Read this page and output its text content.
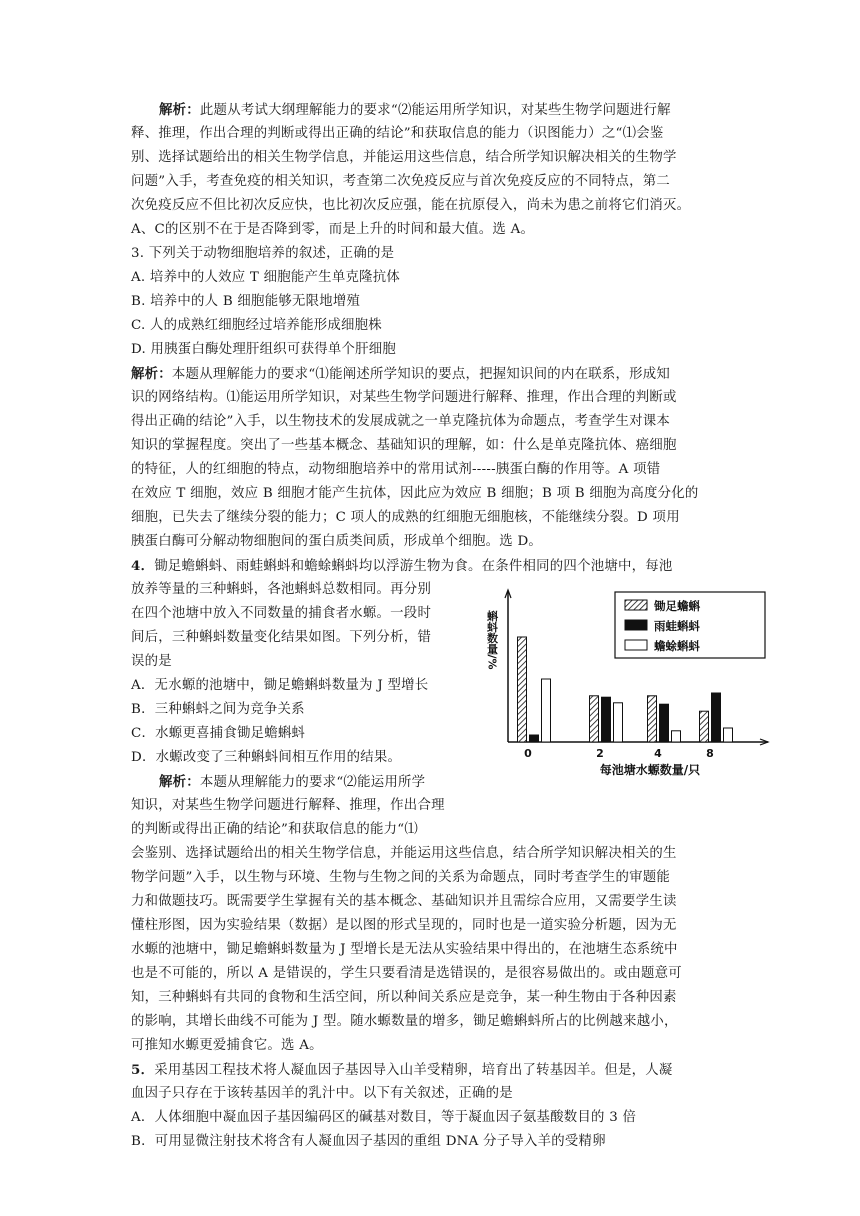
解析：此题从考试大纲理解能力的要求“⑵能运用所学知识，对某些生物学问题进行解
释、推理，作出合理的判断或得出正确的结论”和获取信息的能力（识图能力）之“⑴会鉴
别、选择试题给出的相关生物学信息，并能运用这些信息，结合所学知识解决相关的生物学
问题”入手，考查免疫的相关知识，考查第二次免疫反应与首次免疫反应的不同特点，第二
次免疫反应不但比初次反应快，也比初次反应强，能在抗原侵入，尚未为患之前将它们消灭。
A、C的区别不在于是否降到零，而是上升的时间和最大值。选 A。
3. 下列关于动物细胞培养的叙述，正确的是
A. 培养中的人效应 T 细胞能产生单克隆抗体
B. 培养中的人 B 细胞能够无限地增殖
C. 人的成熟红细胞经过培养能形成细胞株
D. 用胰蛋白酶处理肝组织可获得单个肝细胞
解析：本题从理解能力的要求“⑴能阐述所学知识的要点，把握知识间的内在联系，形成知
识的网络结构。⑴能运用所学知识，对某些生物学问题进行解释、推理，作出合理的判断或
得出正确的结论”入手，以生物技术的发展成就之一单克隆抗体为命题点，考查学生对课本
知识的掌握程度。突出了一些基本概念、基础知识的理解，如：什么是单克隆抗体、癌细胞
的特征，人的红细胞的特点，动物细胞培养中的常用试剂-----胰蛋白酶的作用等。A 项错
在效应 T 细胞，效应 B 细胞才能产生抗体，因此应为效应 B 细胞；B 项 B 细胞为高度分化的
细胞，已失去了继续分裂的能力；C 项人的成熟的红细胞无细胞核，不能继续分裂。D 项用
胰蛋白酶可分解动物细胞间的蛋白质类间质，形成单个细胞。选 D。
4．锄足蟾蝌蚪、雨蛙蝌蚪和蟾蜍蝌蚪均以浮游生物为食。在条件相同的四个池塘中，每池
放养等量的三种蝌蚪，各池蝌蚪总数相同。再分别
在四个池塘中放入不同数量的捕食者水螈。一段时
间后，三种蝌蚪数量变化结果如图。下列分析，错
误的是
A．无水螈的池塘中，锄足蟾蝌蚪数量为 J 型增长
B．三种蝌蚪之间为竞争关系
C．水螈更喜捕食锄足蟾蝌蚪
D．水螈改变了三种蝌蚪间相互作用的结果。
解析：本题从理解能力的要求“⑵能运用所学
知识，对某些生物学问题进行解释、推理，作出合理
的判断或得出正确的结论”和获取信息的能力“⑴
会鉴别、选择试题给出的相关生物学信息，并能运用这些信息，结合所学知识解决相关的生
物学问题”入手，以生物与环境、生物与生物之间的关系为命题点，同时考查学生的审题能
力和做题技巧。既需要学生掌握有关的基本概念、基础知识并且需综合应用，又需要学生读
懂柱形图，因为实验结果（数据）是以图的形式呈现的，同时也是一道实验分析题，因为无
水螈的池塘中，锄足蟾蝌蚪数量为 J 型增长是无法从实验结果中得出的，在池塘生态系统中
也是不可能的，所以 A 是错误的，学生只要看清是选错误的，是很容易做出的。或由题意可
知，三种蝌蚪有共同的食物和生活空间，所以种间关系应是竞争，某一种生物由于各种因素
的影响，其增长曲线不可能为 J 型。随水螈数量的增多，锄足蟾蝌蚪所占的比例越来越小，
可推知水螈更爱捕食它。选 A。
5．采用基因工程技术将人凝血因子基因导入山羊受精卵，培育出了转基因羊。但是，人凝
血因子只存在于该转基因羊的乳汁中。以下有关叙述，正确的是
A．人体细胞中凝血因子基因编码区的碱基对数目，等于凝血因子氨基酸数目的 3 倍
B．可用显微注射技术将含有人凝血因子基因的重组 DNA 分子导入羊的受精卵
0	2	4	8
每池塘水螈数量/只
蝌蚪数量/%
锄足蟾蝌
雨蛙蝌蚪
蟾蜍蝌蚪
